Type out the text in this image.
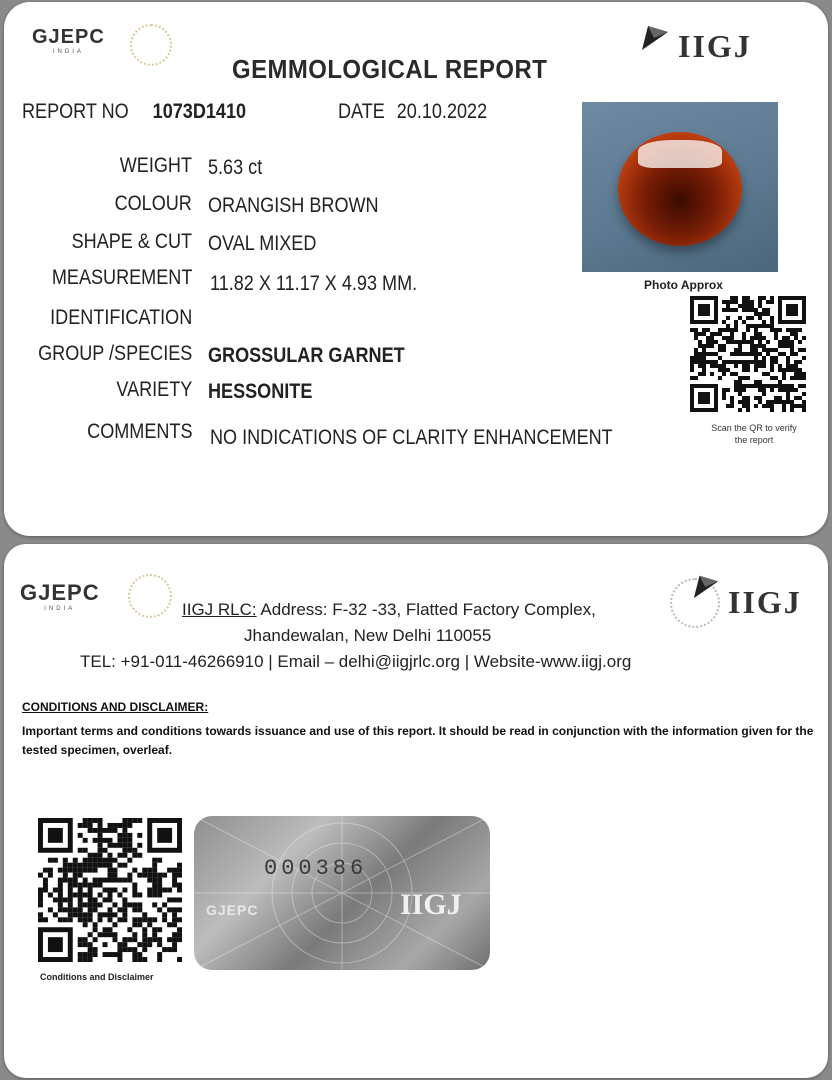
GJEPC
INDIA	IIGJ
GEMMOLOGICAL REPORT
REPORT NO 1073D1410	DATE 20.10.2022
WEIGHT 5.63 ct
COLOUR ORANGISH BROWN
SHAPE & CUT OVAL MIXED
MEASUREMENT 11.82 X 11.17 X 4.93 MM.
IDENTIFICATION
GROUP /SPECIES GROSSULAR GARNET
VARIETY HESSONITE
COMMENTS NO INDICATIONS OF CLARITY ENHANCEMENT
Photo Approx
Scan the QR to verify the report
GJEPC
INDIA	IIGJ
IIGJ RLC: Address: F-32 -33, Flatted Factory Complex,
Jhandewalan, New Delhi 110055
TEL: +91-011-46266910 | Email – delhi@iigjrlc.org | Website-www.iigj.org
CONDITIONS AND DISCLAIMER:
Important terms and conditions towards issuance and use of this report. It should be read in conjunction with the information given for the tested specimen, overleaf.
Conditions and Disclaimer
000386
GJEPC	IIGJ
